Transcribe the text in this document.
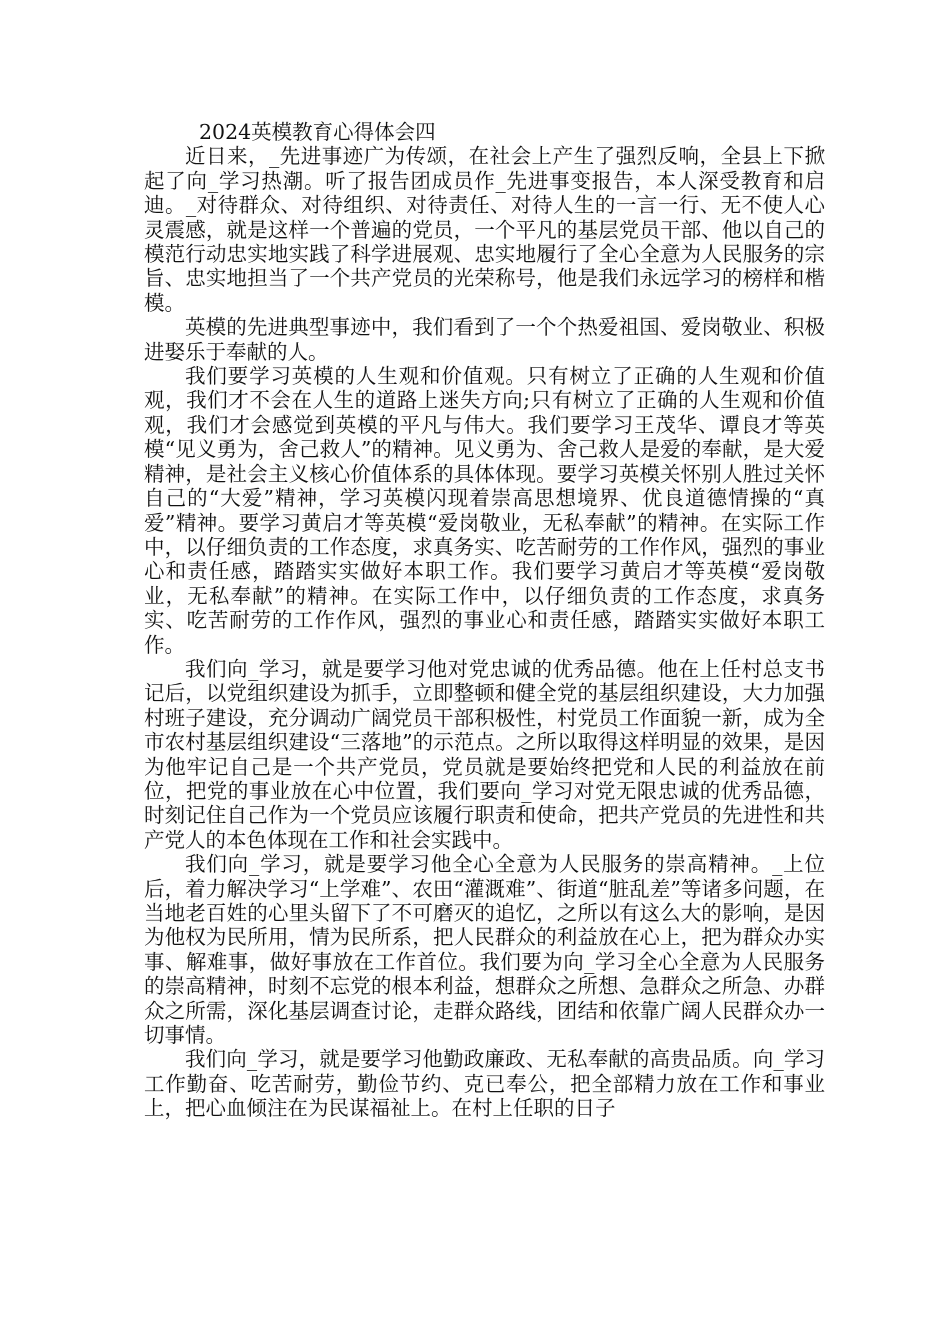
2024英模教育心得体会四

近日来，_先进事迹广为传颂，在社会上产生了强烈反响，全县上下掀起了向_学习热潮。听了报告团成员作_先进事变报告，本人深受教育和启迪。_对待群众、对待组织、对待责任、对待人生的一言一行、无不使人心灵震感，就是这样一个普遍的党员，一个平凡的基层党员干部、他以自己的模范行动忠实地实践了科学进展观、忠实地履行了全心全意为人民服务的宗旨、忠实地担当了一个共产党员的光荣称号，他是我们永远学习的榜样和楷模。

英模的先进典型事迹中，我们看到了一个个热爱祖国、爱岗敬业、积极进娶乐于奉献的人。

我们要学习英模的人生观和价值观。只有树立了正确的人生观和价值观，我们才不会在人生的道路上迷失方向;只有树立了正确的人生观和价值观，我们才会感觉到英模的平凡与伟大。我们要学习王茂华、谭良才等英模“见义勇为，舍己救人”的精神。见义勇为、舍己救人是爱的奉献，是大爱精神，是社会主义核心价值体系的具体体现。要学习英模关怀别人胜过关怀自己的“大爱”精神，学习英模闪现着崇高思想境界、优良道德情操的“真爱”精神。要学习黄启才等英模“爱岗敬业，无私奉献”的精神。在实际工作中，以仔细负责的工作态度，求真务实、吃苦耐劳的工作作风，强烈的事业心和责任感，踏踏实实做好本职工作。我们要学习黄启才等英模“爱岗敬业，无私奉献”的精神。在实际工作中，以仔细负责的工作态度，求真务实、吃苦耐劳的工作作风，强烈的事业心和责任感，踏踏实实做好本职工作。

我们向_学习，就是要学习他对党忠诚的优秀品德。他在上任村总支书记后，以党组织建设为抓手，立即整顿和健全党的基层组织建设，大力加强村班子建设，充分调动广阔党员干部积极性，村党员工作面貌一新，成为全市农村基层组织建设“三落地”的示范点。之所以取得这样明显的效果，是因为他牢记自己是一个共产党员，党员就是要始终把党和人民的利益放在前位，把党的事业放在心中位置，我们要向_学习对党无限忠诚的优秀品德，时刻记住自己作为一个党员应该履行职责和使命，把共产党员的先进性和共产党人的本色体现在工作和社会实践中。

我们向_学习，就是要学习他全心全意为人民服务的崇高精神。_上位后，着力解决学习“上学难”、农田“灌溉难”、街道“脏乱差”等诸多问题，在当地老百姓的心里头留下了不可磨灭的追忆，之所以有这么大的影响，是因为他权为民所用，情为民所系，把人民群众的利益放在心上，把为群众办实事、解难事，做好事放在工作首位。我们要为向_学习全心全意为人民服务的崇高精神，时刻不忘党的根本利益，想群众之所想、急群众之所急、办群众之所需，深化基层调查讨论，走群众路线，团结和依靠广阔人民群众办一切事情。

我们向_学习，就是要学习他勤政廉政、无私奉献的高贵品质。向_学习工作勤奋、吃苦耐劳，勤俭节约、克已奉公，把全部精力放在工作和事业上，把心血倾注在为民谋福祉上。在村上任职的日子
